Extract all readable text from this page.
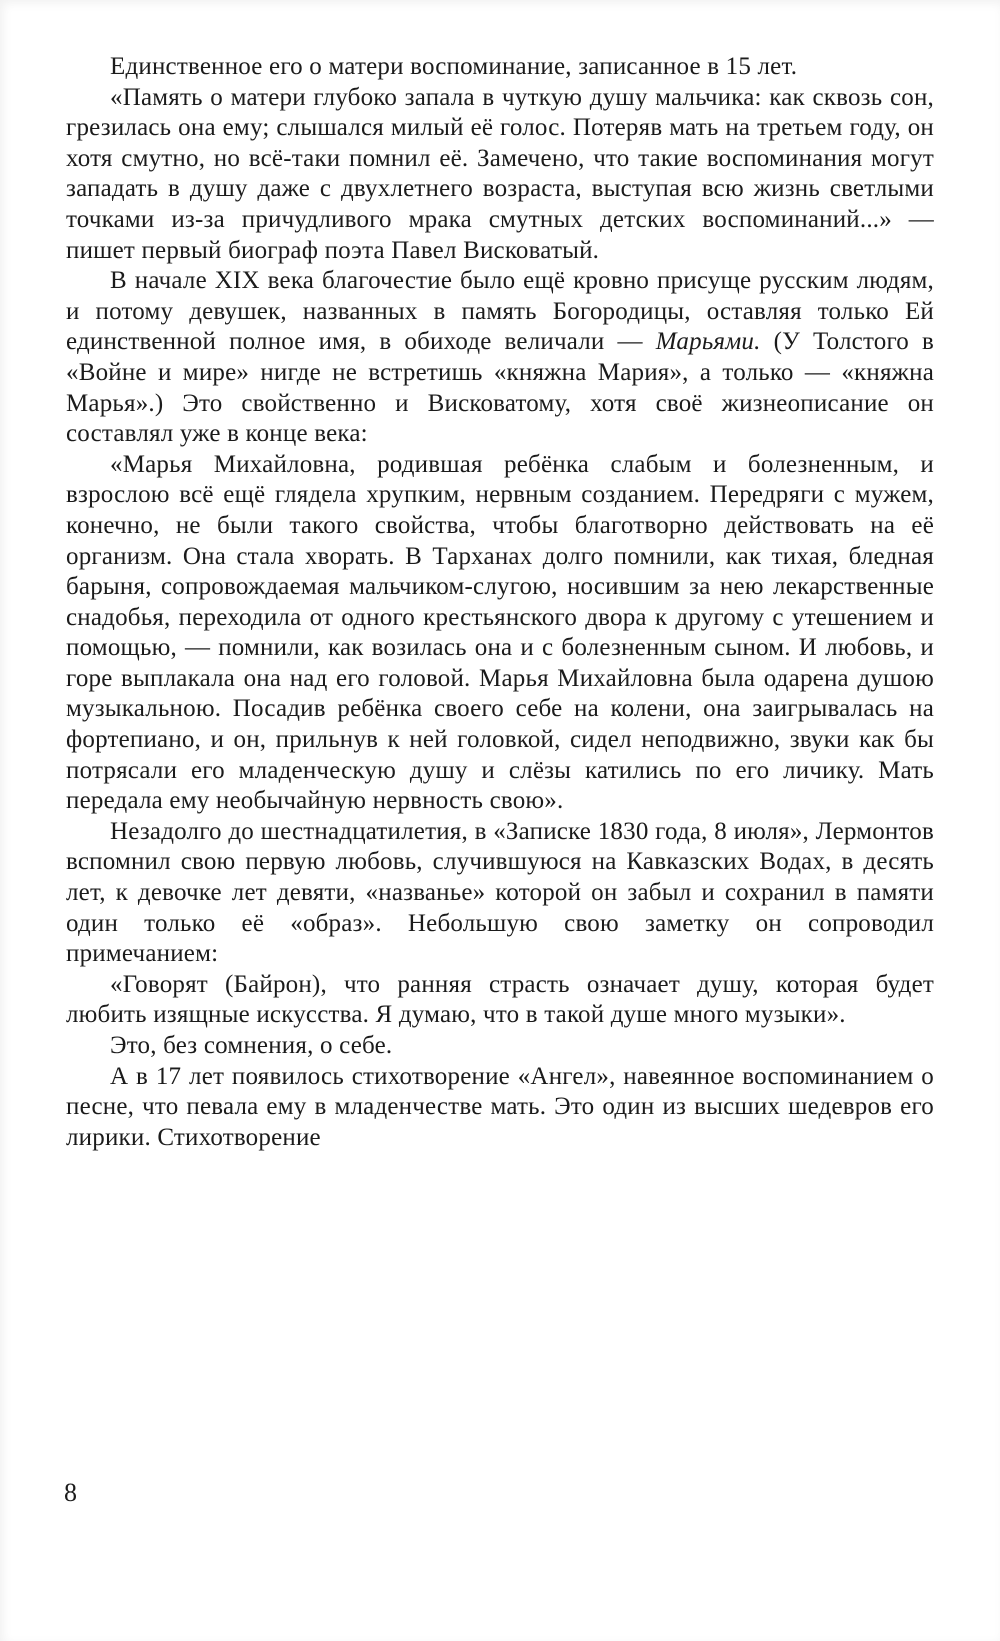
Единственное его о матери воспоминание, записанное в 15 лет.

«Память о матери глубоко запала в чуткую душу мальчика: как сквозь сон, грезилась она ему; слышался милый её голос. Потеряв мать на третьем году, он хотя смутно, но всё-таки помнил её. Замечено, что такие воспоминания могут западать в душу даже с двухлетнего возраста, выступая всю жизнь светлыми точками из-за причудливого мрака смутных детских воспоминаний...» — пишет первый биограф поэта Павел Висковатый.

В начале XIX века благочестие было ещё кровно присуще русским людям, и потому девушек, названных в память Богородицы, оставляя только Ей единственной полное имя, в обиходе величали — Марьями. (У Толстого в «Войне и мире» нигде не встретишь «княжна Мария», а только — «княжна Марья».) Это свойственно и Висковатому, хотя своё жизнеописание он составлял уже в конце века:

«Марья Михайловна, родившая ребёнка слабым и болезненным, и взрослою всё ещё глядела хрупким, нервным созданием. Передряги с мужем, конечно, не были такого свойства, чтобы благотворно действовать на её организм. Она стала хворать. В Тарханах долго помнили, как тихая, бледная барыня, сопровождаемая мальчиком-слугою, носившим за нею лекарственные снадобья, переходила от одного крестьянского двора к другому с утешением и помощью, — помнили, как возилась она и с болезненным сыном. И любовь, и горе выплакала она над его головой. Марья Михайловна была одарена душою музыкальною. Посадив ребёнка своего себе на колени, она заигрывалась на фортепиано, и он, прильнув к ней головкой, сидел неподвижно, звуки как бы потрясали его младенческую душу и слёзы катились по его личику. Мать передала ему необычайную нервность свою».

Незадолго до шестнадцатилетия, в «Записке 1830 года, 8 июля», Лермонтов вспомнил свою первую любовь, случившуюся на Кавказских Водах, в десять лет, к девочке лет девяти, «названье» которой он забыл и сохранил в памяти один только её «образ». Небольшую свою заметку он сопроводил примечанием:

«Говорят (Байрон), что ранняя страсть означает душу, которая будет любить изящные искусства. Я думаю, что в такой душе много музыки».

Это, без сомнения, о себе.

А в 17 лет появилось стихотворение «Ангел», навеянное воспоминанием о песне, что певала ему в младенчестве мать. Это один из высших шедевров его лирики. Стихотворение

8
